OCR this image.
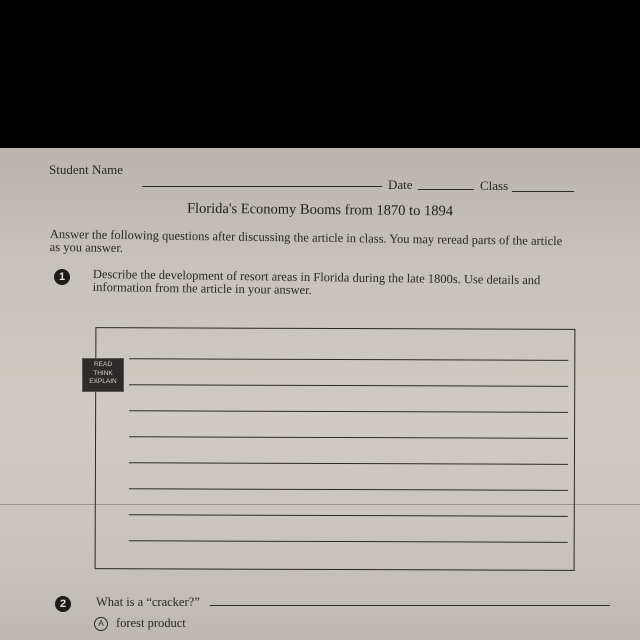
Student Name
Date	Class
Florida's Economy Booms from 1870 to 1894
Answer the following questions after discussing the article in class. You may reread parts of the article as you answer.
1	Describe the development of resort areas in Florida during the late 1800s. Use details and information from the article in your answer.
READ
THINK
EXPLAIN
2	What is a “cracker?”
A forest product
